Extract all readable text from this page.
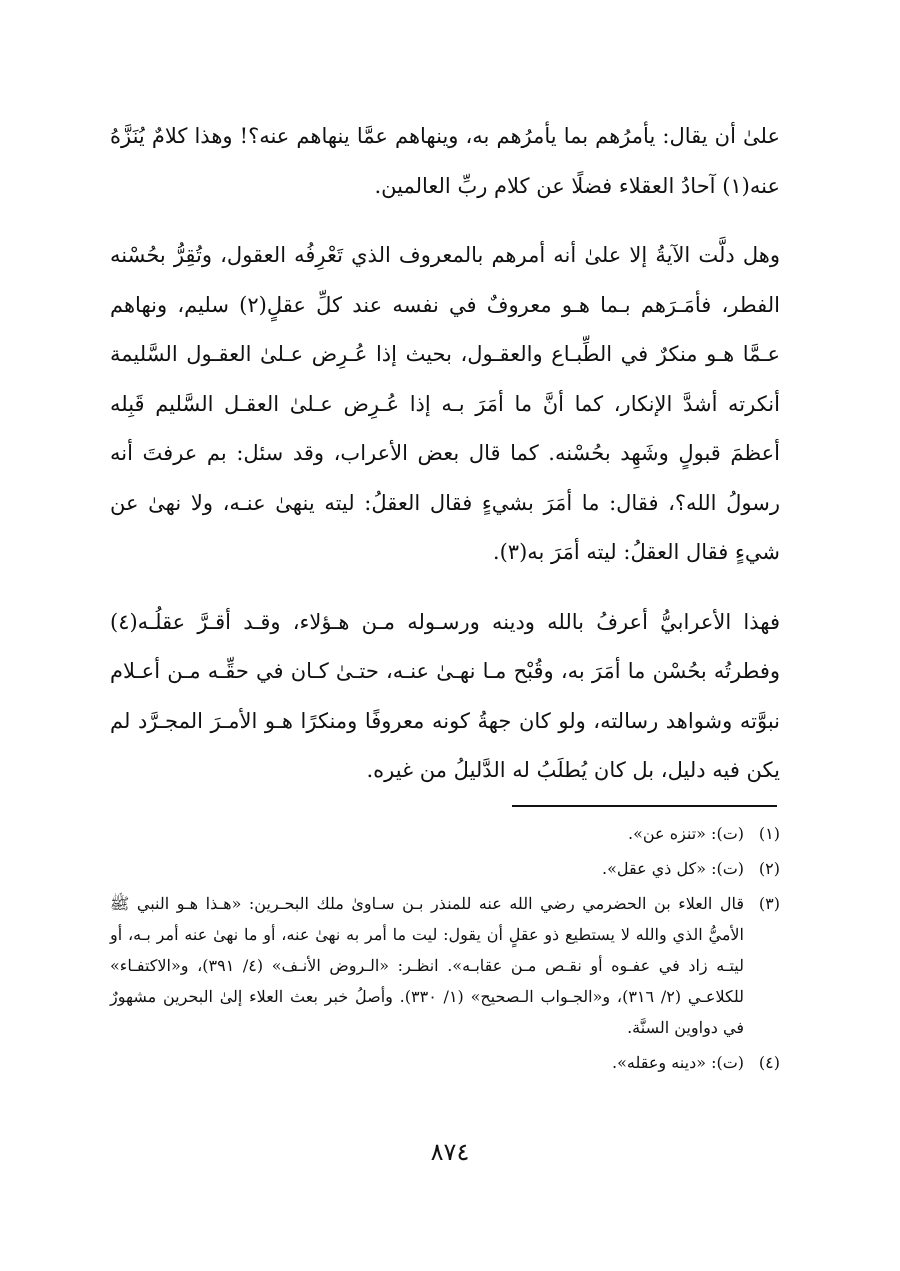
علىٰ أن يقال: يأمرُهم بما يأمرُهم به، وينهاهم عمَّا ينهاهم عنه؟! وهذا كلامٌ يُنَزَّهُ عنه(١) آحادُ العقلاء فضلًا عن كلام ربِّ العالمين.

وهل دلَّت الآيةُ إلا علىٰ أنه أمرهم بالمعروف الذي تَعْرِفُه العقول، وتُقِرُّ بحُسْنه الفطر، فأمَـرَهم بـما هـو معروفٌ في نفسه عند كلِّ عقلٍ(٢) سليم، ونهاهم عـمَّا هـو منكرٌ في الطِّبـاع والعقـول، بحيث إذا عُـرِض عـلىٰ العقـول السَّليمة أنكرته أشدَّ الإنكار، كما أنَّ ما أمَرَ بـه إذا عُـرِض عـلىٰ العقـل السَّليم قَبِله أعظمَ قبولٍ وشَهِد بحُسْنه. كما قال بعض الأعراب، وقد سئل: بم عرفتَ أنه رسولُ الله؟، فقال: ما أمَرَ بشيءٍ فقال العقلُ: ليته ينهىٰ عنـه، ولا نهىٰ عن شيءٍ فقال العقلُ: ليته أمَرَ به(٣).

فهذا الأعرابيُّ أعرفُ بالله ودينه ورسـوله مـن هـؤلاء، وقـد أقـرَّ عقلُـه(٤) وفطرتُه بحُسْن ما أمَرَ به، وقُبْح مـا نهـىٰ عنـه، حتـىٰ كـان في حقِّـه مـن أعـلام نبوَّته وشواهد رسالته، ولو كان جهةُ كونه معروفًا ومنكرًا هـو الأمـرَ المجـرَّد لم يكن فيه دليل، بل كان يُطلَبُ له الدَّليلُ من غيره.

(١)
(ت): «تنزه عن».
(٢)
(ت): «كل ذي عقل».
(٣)
قال العلاء بن الحضرمي رضي الله عنه للمنذر بـن سـاوىٰ ملك البحـرين: «هـذا هـو النبي ﷺ الأميُّ الذي والله لا يستطيع ذو عقلٍ أن يقول: ليت ما أمر به نهىٰ عنه، أو ما نهىٰ عنه أمر بـه، أو ليتـه زاد في عفـوه أو نقـص مـن عقابـه». انظـر: «الـروض الأنـف» (٤/ ٣٩١)، و«الاكتفـاء» للكلاعـي (٢/ ٣١٦)، و«الجـواب الـصحيح» (١/ ٣٣٠). وأصلُ خبر بعث العلاء إلىٰ البحرين مشهورٌ في دواوين السنَّة.
(٤)
(ت): «دينه وعقله».
٨٧٤
